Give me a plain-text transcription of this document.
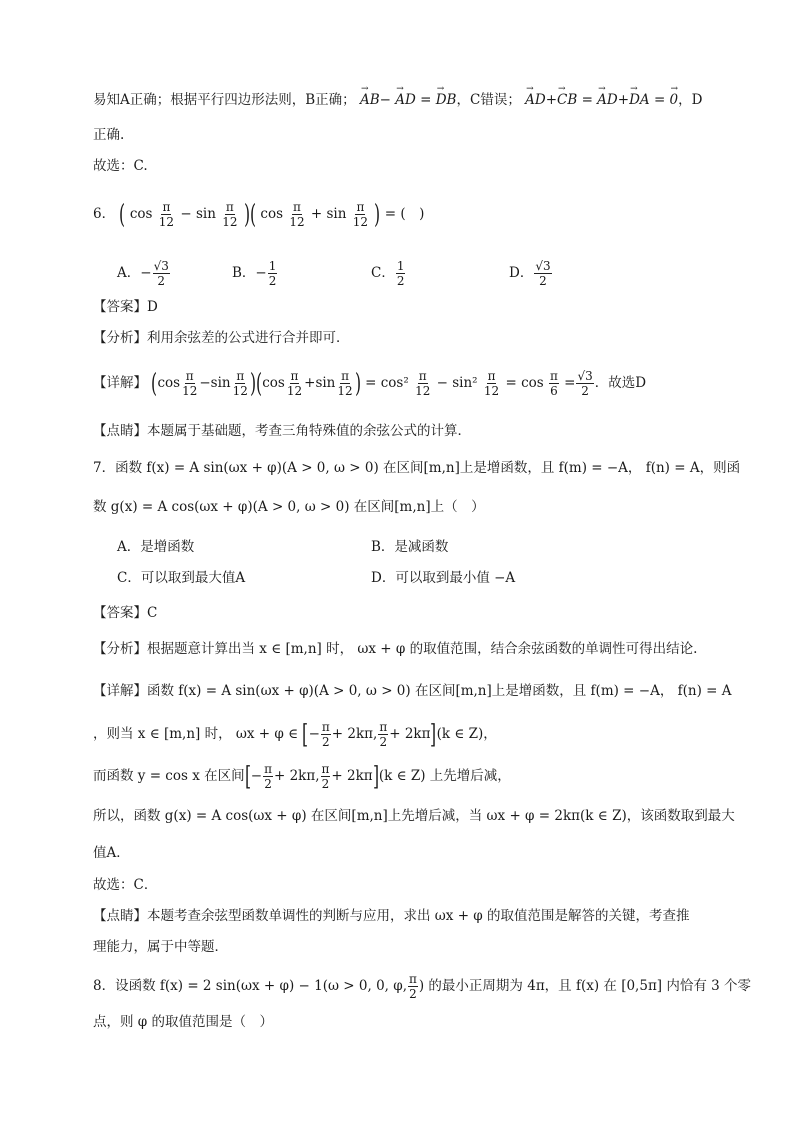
易知A正确；根据平行四边形法则，B正确； → AB− → AD = → DB，C错误； → AD+→ CB = → AD+→ DA = → 0，D
正确.
故选：C.
6． ( $\cos \frac{\pi}{12} - \sin \frac{\pi}{12}$ )( $\cos \frac{\pi}{12} + \sin \frac{\pi}{12}$ ) = (　)
A．− $\frac{√3}{2}$	B．− $\frac{1}{2}$	C． $\frac{1}{2}$	D． $\frac{√3}{2}$
【答案】D
【分析】利用余弦差的公式进行合并即可．
【详解】 $(\cos \frac{\pi}{12} -\sin \frac{\pi}{12} )(\cos \frac{\pi}{12} +\sin \frac{\pi}{12}$ ) = $\cos^2 \frac{\pi}{12} - \sin^2 \frac{\pi}{12} = \cos \frac{\pi}{6} = \frac{√3}{2}$ ．故选D
【点睛】本题属于基础题，考查三角特殊值的余弦公式的计算．
7．函数 f(x) = A sin(ωx + φ)(A > 0, ω > 0) 在区间[m,n]上是增函数，且 f(m) = −A， f(n) = A，则函
数 g(x) = A cos(ωx + φ)(A > 0, ω > 0) 在区间[m,n]上（　）
A．是增函数	B．是减函数
C．可以取到最大值A	D．可以取到最小值 −A
【答案】C
【分析】根据题意计算出当 x ∈ [m,n] 时， ωx + φ 的取值范围，结合余弦函数的单调性可得出结论.
【详解】函数 f(x) = A sin(ωx + φ)(A > 0, ω > 0) 在区间[m,n]上是增函数，且 f(m) = −A， f(n) = A
，则当 x ∈ [m,n] 时， ωx + φ ∈ [− $\frac{\pi}{2} + 2k\pi$, $\frac{\pi}{2} + 2k\pi](k$ ∈ Z)，
而函数 y = cos x 在区间[− $\frac{\pi}{2} + 2k\pi$, $\frac{\pi}{2} + 2k\pi](k$ ∈ Z) 上先增后减，
所以，函数 g(x) = A cos(ωx + φ) 在区间[m,n]上先增后减，当 ωx + φ = 2kπ(k ∈ Z)，该函数取到最大
值A．
故选：C．
【点睛】本题考查余弦型函数单调性的判断与应用，求出 ωx + φ 的取值范围是解答的关键，考查推
理能力，属于中等题．
8．设函数 f(x) = 2 sin(ωx + φ) − 1(ω > 0, 0, φ, $\frac{\pi}{2}$ ) 的最小正周期为 4π，且 f(x) 在 [0,5π] 内恰有 3 个零
点，则 φ 的取值范围是（　）
